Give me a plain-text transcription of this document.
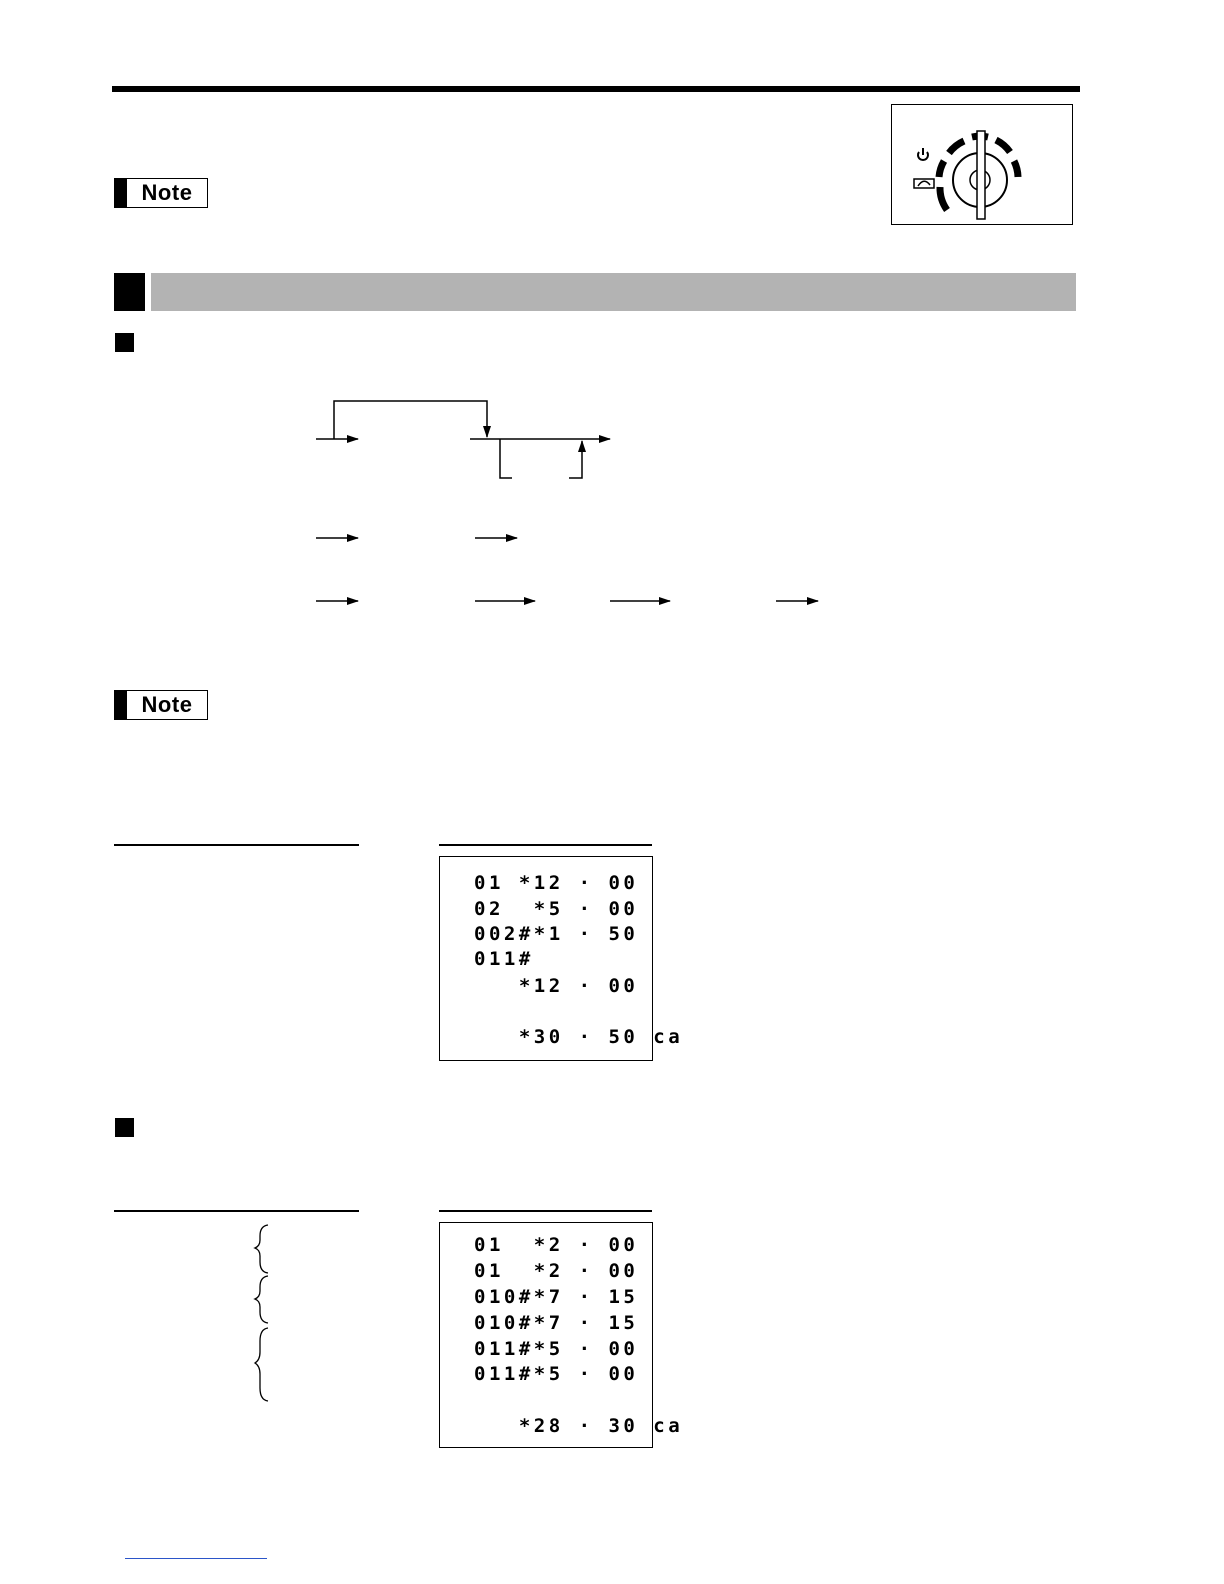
Note
Note
01 *12 · 00
02  *5 · 00
002#*1 · 50
011#
*12 · 00
*30 · 50 ca
01  *2 · 00
01  *2 · 00
010#*7 · 15
010#*7 · 15
011#*5 · 00
011#*5 · 00
*28 · 30 ca
